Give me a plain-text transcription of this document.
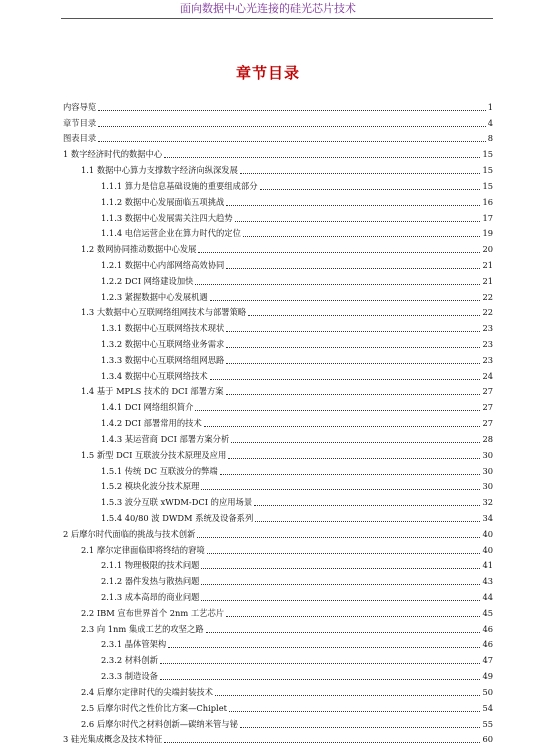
面向数据中心光连接的硅光芯片技术
章节目录
内容导览	1
章节目录	4
图表目录	8
1 数字经济时代的数据中心	15
1.1 数据中心算力支撑数字经济向纵深发展	15
1.1.1 算力是信息基础设施的重要组成部分	15
1.1.2 数据中心发展面临五项挑战	16
1.1.3 数据中心发展需关注四大趋势	17
1.1.4 电信运营企业在算力时代的定位	19
1.2 数网协同推动数据中心发展	20
1.2.1 数据中心内部网络高效协同	21
1.2.2 DCI 网络建设加快	21
1.2.3 紧握数据中心发展机遇	22
1.3 大数据中心互联网络组网技术与部署策略	22
1.3.1 数据中心互联网络技术现状	23
1.3.2 数据中心互联网络业务需求	23
1.3.3 数据中心互联网络组网思路	23
1.3.4 数据中心互联网络技术	24
1.4 基于 MPLS 技术的 DCI 部署方案	27
1.4.1 DCI 网络组织简介	27
1.4.2 DCI 部署常用的技术	27
1.4.3 某运营商 DCI 部署方案分析	28
1.5 新型 DCI 互联波分技术原理及应用	30
1.5.1 传统 DC 互联波分的弊端	30
1.5.2 模块化波分技术原理	30
1.5.3 波分互联 xWDM-DCI 的应用场景	32
1.5.4 40/80 波 DWDM 系统及设备系列	34
2 后摩尔时代面临的挑战与技术创新	40
2.1 摩尔定律面临即将终结的窘境	40
2.1.1 物理极限的技术问题	41
2.1.2 器件发热与散热问题	43
2.1.3 成本高昂的商业问题	44
2.2 IBM 宣布世界首个 2nm 工艺芯片	45
2.3 向 1nm 集成工艺的攻坚之路	46
2.3.1 晶体管架构	46
2.3.2 材料创新	47
2.3.3 制造设备	49
2.4 后摩尔定律时代的尖端封装技术	50
2.5 后摩尔时代之性价比方案—Chiplet	54
2.6 后摩尔时代之材料创新—碳纳米管与铋	55
3 硅光集成概念及技术特征	60
